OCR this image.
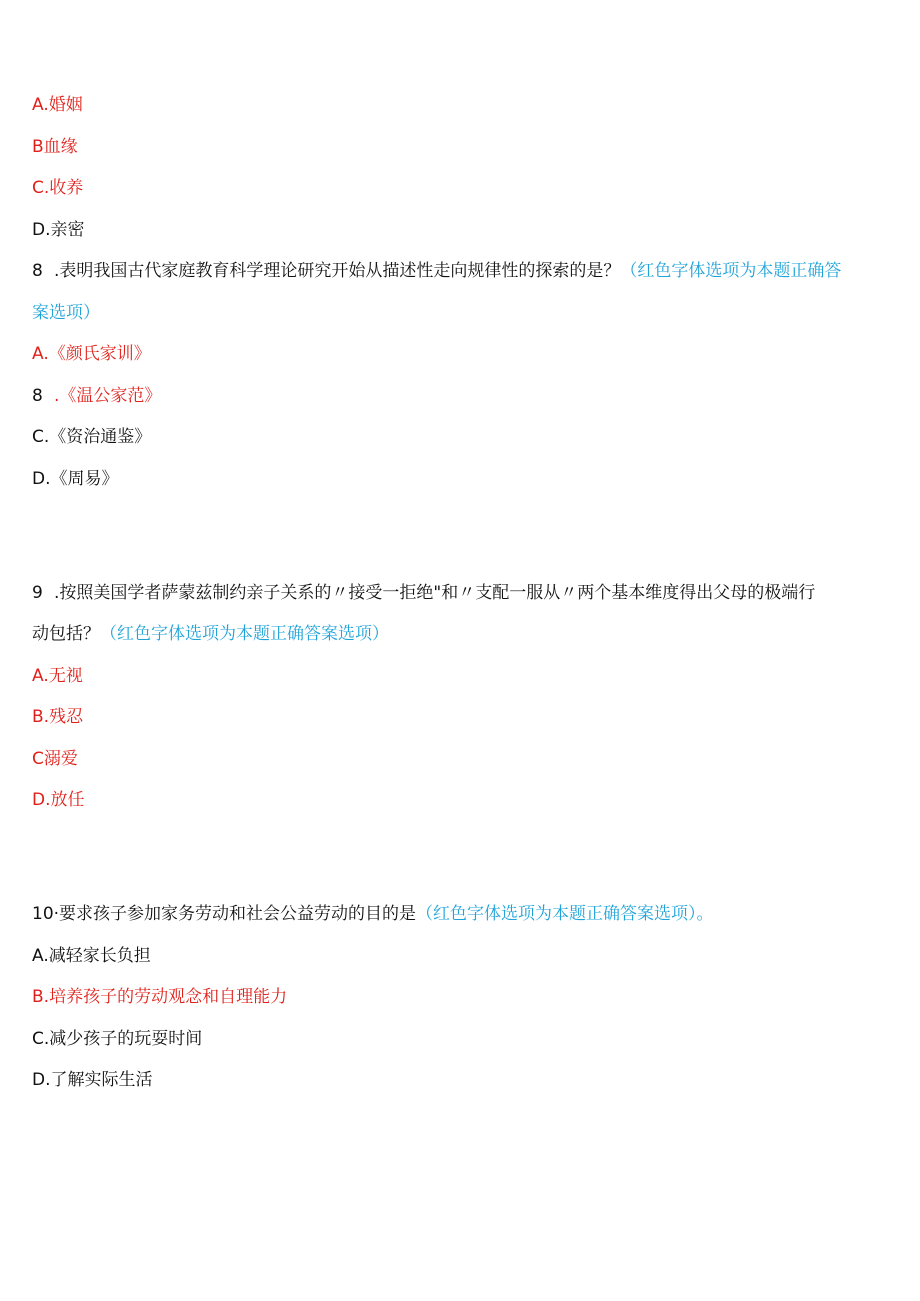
A.婚姻
B血缘
C.收养
D.亲密
8 .表明我国古代家庭教育科学理论研究开始从描述性走向规律性的探索的是？（红色字体选项为本题正确答
案选项）
A.《颜氏家训》
8 .《温公家范》
C.《资治通鉴》
D.《周易》
9 .按照美国学者萨蒙兹制约亲子关系的〃接受一拒绝"和〃支配一服从〃两个基本维度得出父母的极端行
动包括？（红色字体选项为本题正确答案选项）
A.无视
B.残忍
C溺爱
D.放任
10·要求孩子参加家务劳动和社会公益劳动的目的是（红色字体选项为本题正确答案选项）。
A.减轻家长负担
B.培养孩子的劳动观念和自理能力
C.减少孩子的玩耍时间
D.了解实际生活
